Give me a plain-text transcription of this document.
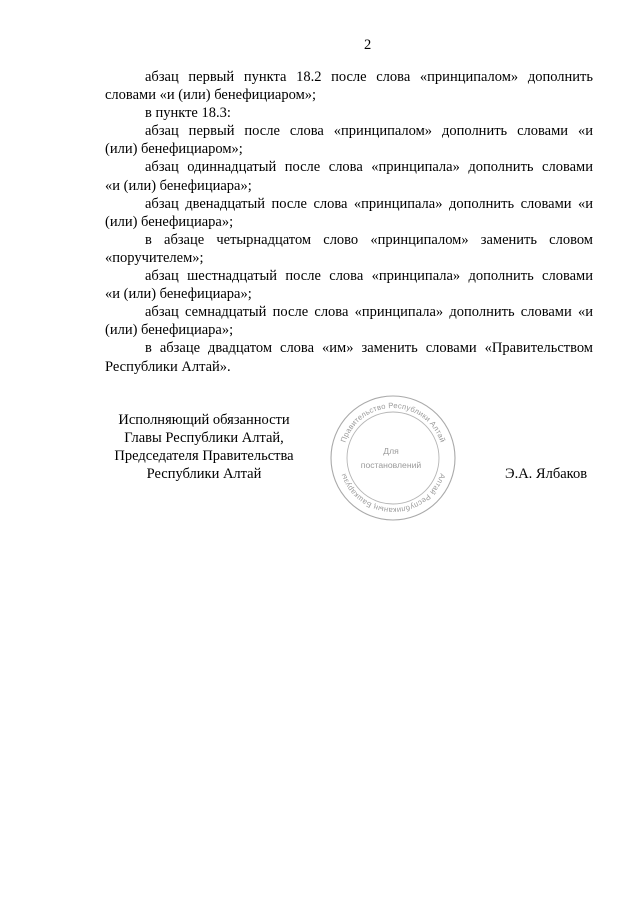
2
абзац первый пункта 18.2 после слова «принципалом» дополнить
словами «и (или) бенефициаром»;
в пункте 18.3:
абзац первый после слова «принципалом» дополнить словами «и
(или) бенефициаром»;
абзац одиннадцатый после слова «принципала» дополнить словами
«и (или) бенефициара»;
абзац двенадцатый после слова «принципала» дополнить словами «и
(или) бенефициара»;
в абзаце четырнадцатом слово «принципалом» заменить словом
«поручителем»;
абзац шестнадцатый после слова «принципала» дополнить словами
«и (или) бенефициара»;
абзац семнадцатый после слова «принципала» дополнить словами «и
(или) бенефициара»;
в абзаце двадцатом слова «им» заменить словами «Правительством
Республики Алтай».
Исполняющий обязанности
Главы Республики Алтай,
Председателя Правительства
Республики Алтай	Э.А. Ялбаков
Правительство Республики Алтай
Алтай Республиканың Башкарузы
Для
постановлений
